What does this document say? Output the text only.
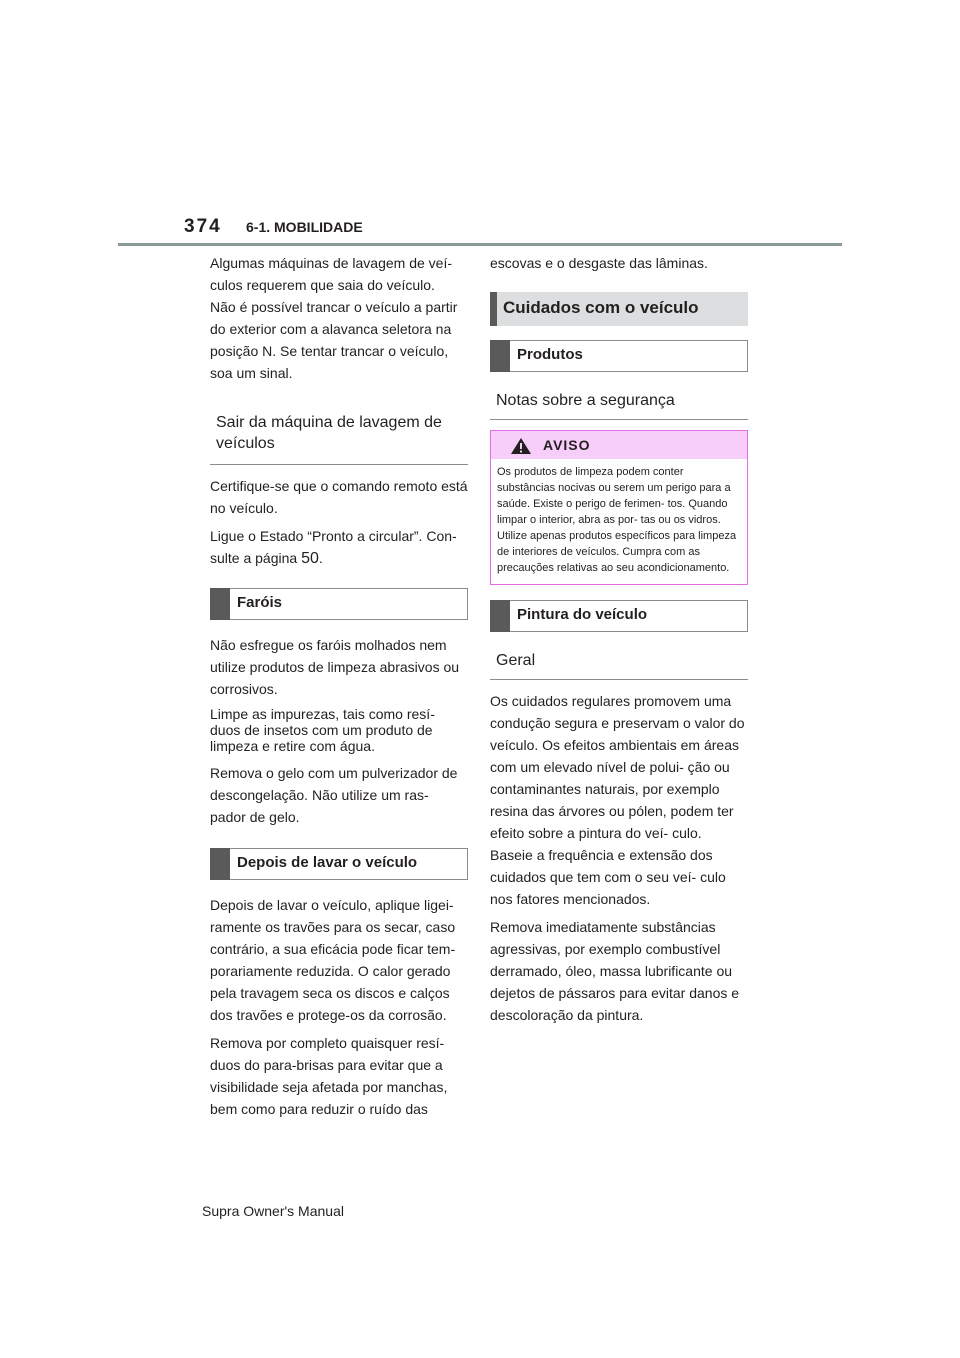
374 6-1. MOBILIDADE
Algumas máquinas de lavagem de veí-
culos requerem que saia do veículo.
Não é possível trancar o veículo a partir
do exterior com a alavanca seletora na
posição N. Se tentar trancar o veículo,
soa um sinal.
Sair da máquina de lavagem de veículos

Certifique-se que o comando remoto está no veículo.

Ligue o Estado “Pronto a circular”. Con- sulte a página 50.

Faróis

Não esfregue os faróis molhados nem utilize produtos de limpeza abrasivos ou corrosivos.

Limpe as impurezas, tais como resí- duos de insetos com um produto de limpeza e retire com água.

Remova o gelo com um pulverizador de descongelação. Não utilize um ras- pador de gelo.

Depois de lavar o veículo

Depois de lavar o veículo, aplique ligei- ramente os travões para os secar, caso contrário, a sua eficácia pode ficar tem- porariamente reduzida. O calor gerado pela travagem seca os discos e calços dos travões e protege-os da corrosão.

Remova por completo quaisquer resí- duos do para-brisas para evitar que a visibilidade seja afetada por manchas, bem como para reduzir o ruído das

escovas e o desgaste das lâminas.

Cuidados com o veículo
Produtos
Notas sobre a segurança
AVISO
Os produtos de limpeza podem conter substâncias nocivas ou serem um perigo para a saúde. Existe o perigo de ferimen- tos. Quando limpar o interior, abra as por- tas ou os vidros. Utilize apenas produtos específicos para limpeza de interiores de veículos. Cumpra com as precauções relativas ao seu acondicionamento.
Pintura do veículo
Geral

Os cuidados regulares promovem uma condução segura e preservam o valor do veículo. Os efeitos ambientais em áreas com um elevado nível de polui- ção ou contaminantes naturais, por exemplo resina das árvores ou pólen, podem ter efeito sobre a pintura do veí- culo. Baseie a frequência e extensão dos cuidados que tem com o seu veí- culo nos fatores mencionados.

Remova imediatamente substâncias agressivas, por exemplo combustível derramado, óleo, massa lubrificante ou dejetos de pássaros para evitar danos e descoloração da pintura.

Supra Owner's Manual
